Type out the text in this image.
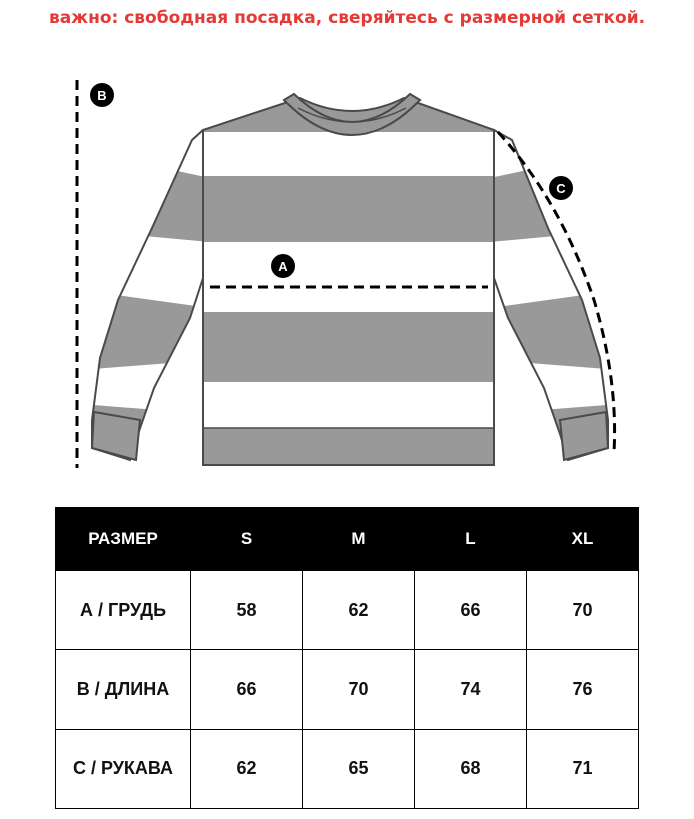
важно: свободная посадка, сверяйтесь с размерной сеткой.
A
B
C
РАЗМЕР	S	M	L	XL
А / ГРУДЬ	58	62	66	70
В / ДЛИНА	66	70	74	76
С / РУКАВА	62	65	68	71
